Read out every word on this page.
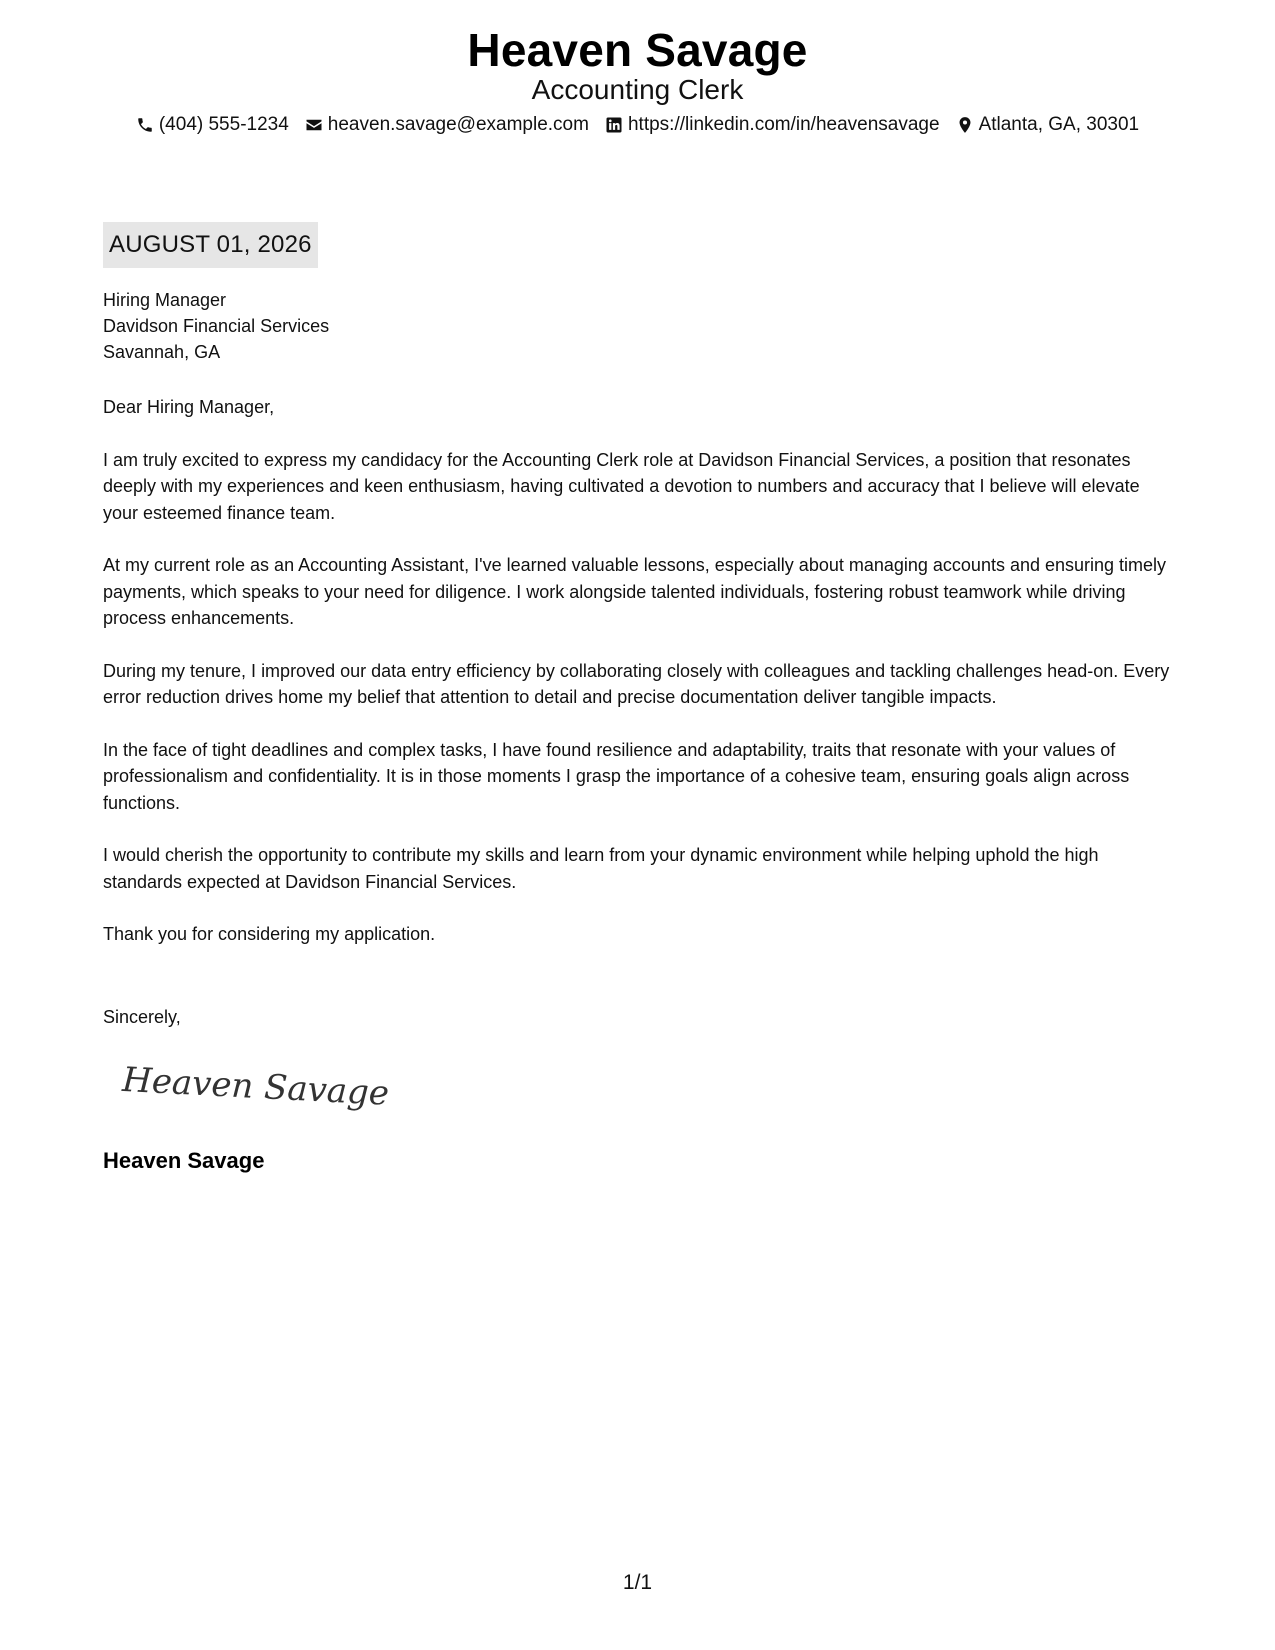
Heaven Savage
Accounting Clerk
(404) 555-1234 heaven.savage@example.com https://linkedin.com/in/heavensavage Atlanta, GA, 30301
AUGUST 01, 2026
Hiring Manager
Davidson Financial Services
Savannah, GA

Dear Hiring Manager,

I am truly excited to express my candidacy for the Accounting Clerk role at Davidson Financial Services, a position that resonates deeply with my experiences and keen enthusiasm, having cultivated a devotion to numbers and accuracy that I believe will elevate your esteemed finance team.

At my current role as an Accounting Assistant, I've learned valuable lessons, especially about managing accounts and ensuring timely payments, which speaks to your need for diligence. I work alongside talented individuals, fostering robust teamwork while driving process enhancements.

During my tenure, I improved our data entry efficiency by collaborating closely with colleagues and tackling challenges head-on. Every error reduction drives home my belief that attention to detail and precise documentation deliver tangible impacts.

In the face of tight deadlines and complex tasks, I have found resilience and adaptability, traits that resonate with your values of professionalism and confidentiality. It is in those moments I grasp the importance of a cohesive team, ensuring goals align across functions.

I would cherish the opportunity to contribute my skills and learn from your dynamic environment while helping uphold the high standards expected at Davidson Financial Services.

Thank you for considering my application.

Sincerely,
Heaven Savage
Heaven Savage
1/1
